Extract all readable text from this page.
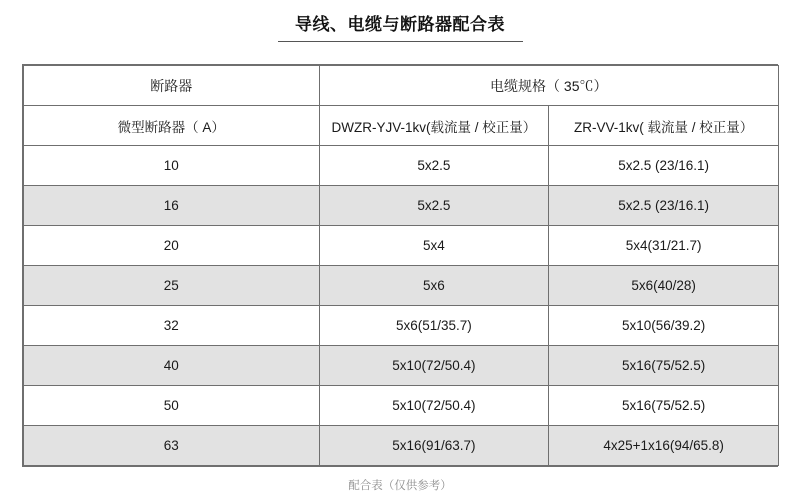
导线、电缆与断路器配合表
断路器	电缆规格（ 35℃）	
微型断路器（ A）	DWZR-YJV-1kv(载流量 / 校正量）	ZR-VV-1kv( 载流量 / 校正量）
10	5x2.5	5x2.5 (23/16.1)
16	5x2.5	5x2.5 (23/16.1)
20	5x4	5x4(31/21.7)
25	5x6	5x6(40/28)
32	5x6(51/35.7)	5x10(56/39.2)
40	5x10(72/50.4)	5x16(75/52.5)
50	5x10(72/50.4)	5x16(75/52.5)
63	5x16(91/63.7)	4x25+1x16(94/65.8)
配合表（仅供参考）
